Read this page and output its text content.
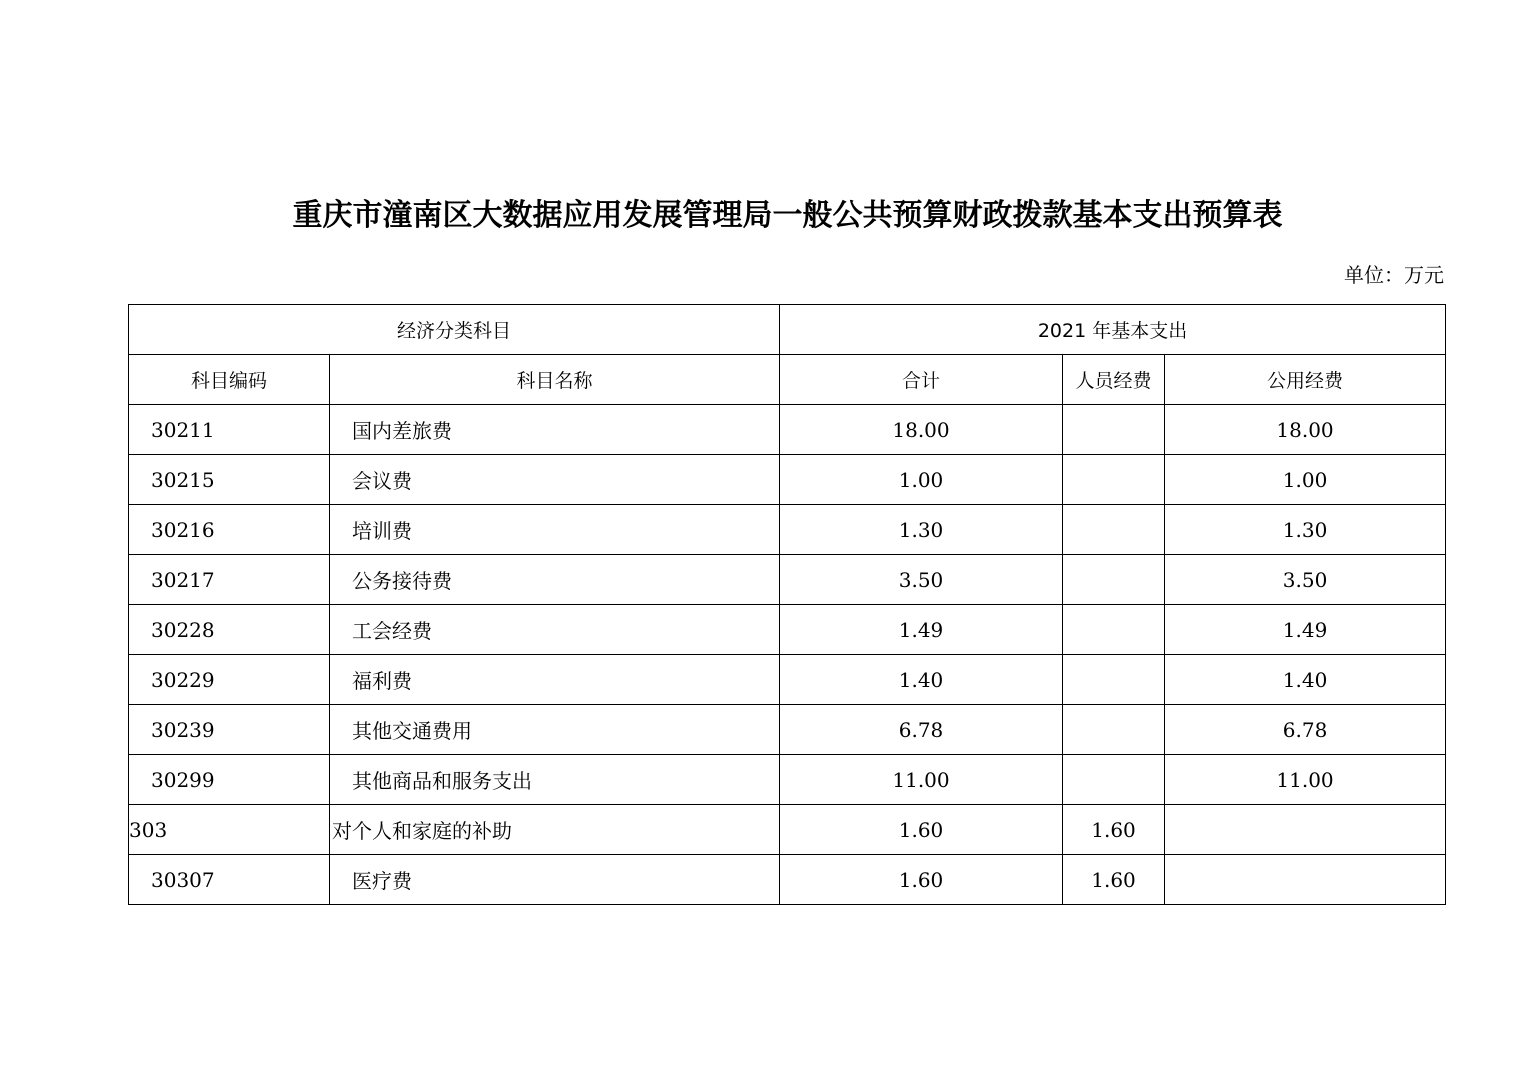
重庆市潼南区大数据应用发展管理局一般公共预算财政拨款基本支出预算表
单位：万元
经济分类科目		2021 年基本支出		
科目编码	科目名称	合计	人员经费	公用经费
30211	国内差旅费	18.00		18.00
30215	会议费	1.00		1.00
30216	培训费	1.30		1.30
30217	公务接待费	3.50		3.50
30228	工会经费	1.49		1.49
30229	福利费	1.40		1.40
30239	其他交通费用	6.78		6.78
30299	其他商品和服务支出	11.00		11.00
303	对个人和家庭的补助	1.60	1.60	
30307	医疗费	1.60	1.60	
